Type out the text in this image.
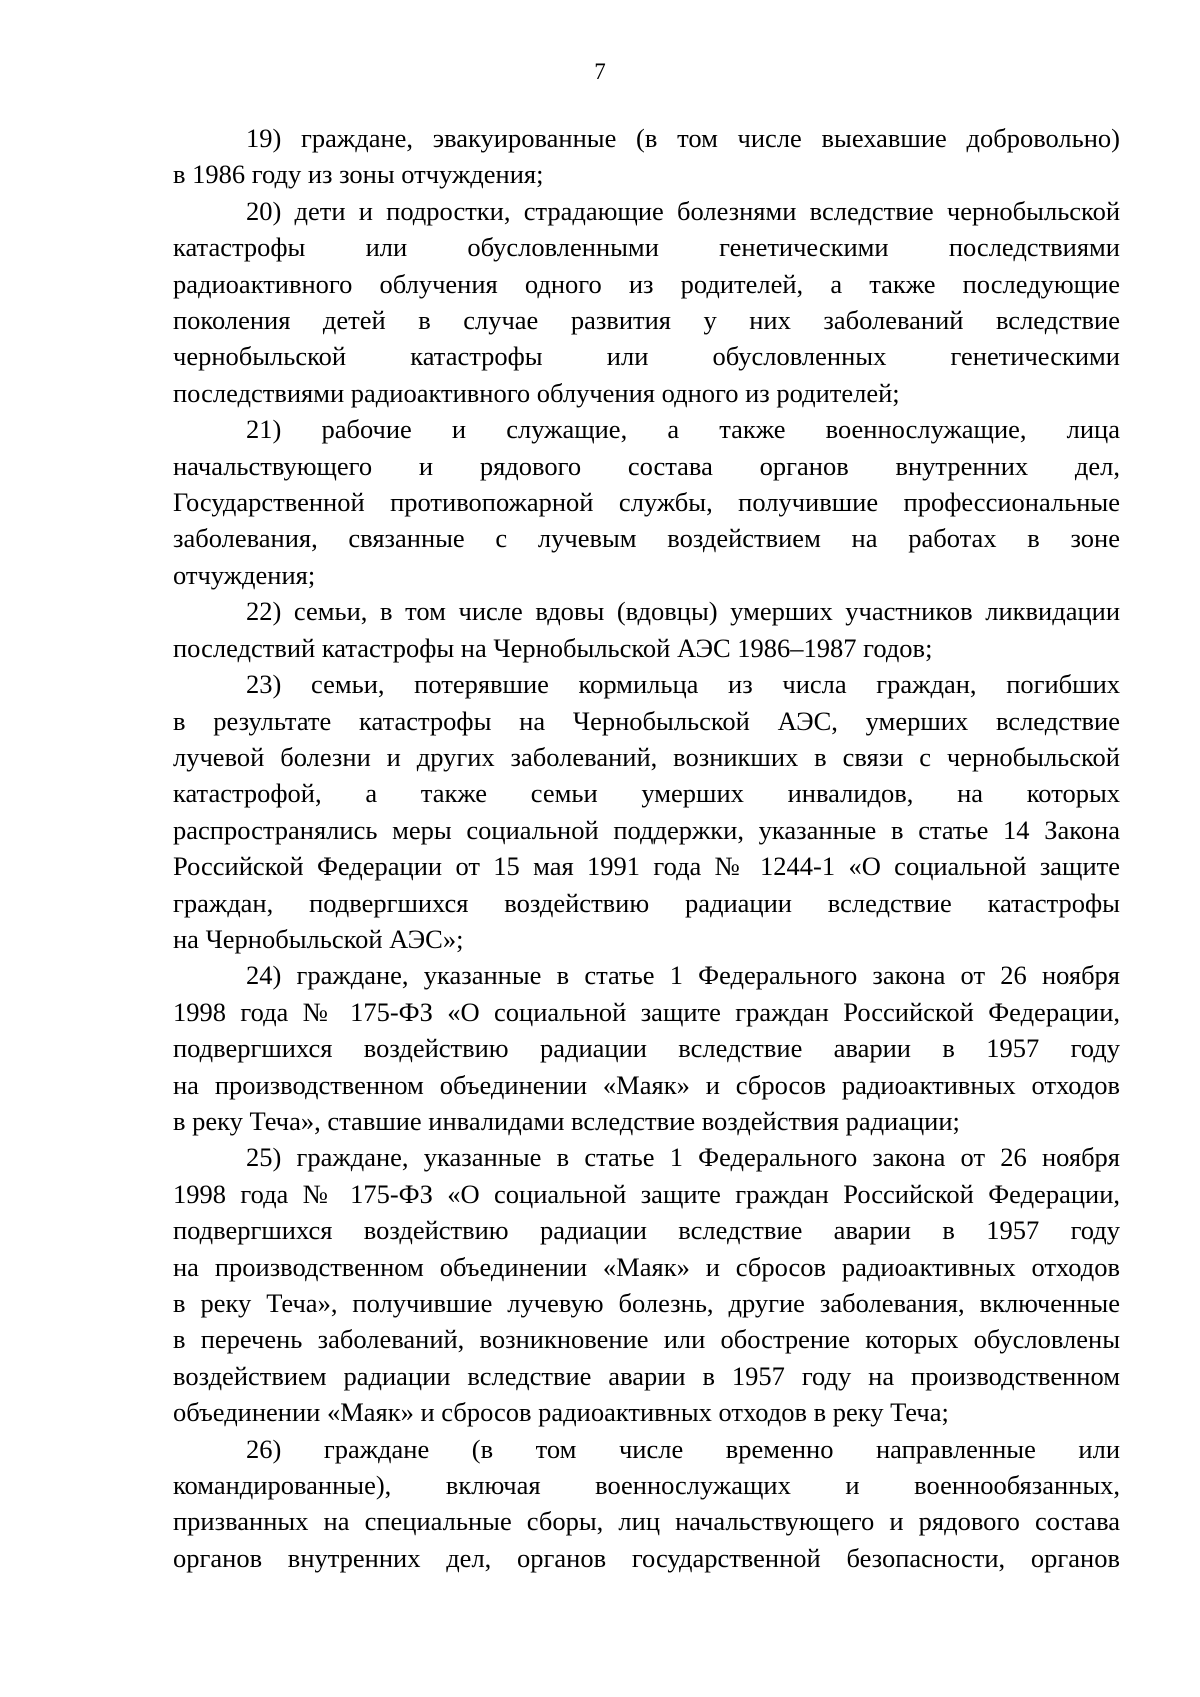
7
19) граждане, эвакуированные (в том числе выехавшие добровольно)
в 1986 году из зоны отчуждения;
20) дети и подростки, страдающие болезнями вследствие чернобыльской
катастрофы или обусловленными генетическими последствиями
радиоактивного облучения одного из родителей, а также последующие
поколения детей в случае развития у них заболеваний вследствие
чернобыльской катастрофы или обусловленных генетическими
последствиями радиоактивного облучения одного из родителей;
21) рабочие и служащие, а также военнослужащие, лица
начальствующего и рядового состава органов внутренних дел,
Государственной противопожарной службы, получившие профессиональные
заболевания, связанные с лучевым воздействием на работах в зоне
отчуждения;
22) семьи, в том числе вдовы (вдовцы) умерших участников ликвидации
последствий катастрофы на Чернобыльской АЭС 1986–1987 годов;
23) семьи, потерявшие кормильца из числа граждан, погибших
в результате катастрофы на Чернобыльской АЭС, умерших вследствие
лучевой болезни и других заболеваний, возникших в связи с чернобыльской
катастрофой, а также семьи умерших инвалидов, на которых
распространялись меры социальной поддержки, указанные в статье 14 Закона
Российской Федерации от 15 мая 1991 года № 1244-1 «О социальной защите
граждан, подвергшихся воздействию радиации вследствие катастрофы
на Чернобыльской АЭС»;
24) граждане, указанные в статье 1 Федерального закона от 26 ноября
1998 года № 175-ФЗ «О социальной защите граждан Российской Федерации,
подвергшихся воздействию радиации вследствие аварии в 1957 году
на производственном объединении «Маяк» и сбросов радиоактивных отходов
в реку Теча», ставшие инвалидами вследствие воздействия радиации;
25) граждане, указанные в статье 1 Федерального закона от 26 ноября
1998 года № 175-ФЗ «О социальной защите граждан Российской Федерации,
подвергшихся воздействию радиации вследствие аварии в 1957 году
на производственном объединении «Маяк» и сбросов радиоактивных отходов
в реку Теча», получившие лучевую болезнь, другие заболевания, включенные
в перечень заболеваний, возникновение или обострение которых обусловлены
воздействием радиации вследствие аварии в 1957 году на производственном
объединении «Маяк» и сбросов радиоактивных отходов в реку Теча;
26) граждане (в том числе временно направленные или
командированные), включая военнослужащих и военнообязанных,
призванных на специальные сборы, лиц начальствующего и рядового состава
органов внутренних дел, органов государственной безопасности, органов
